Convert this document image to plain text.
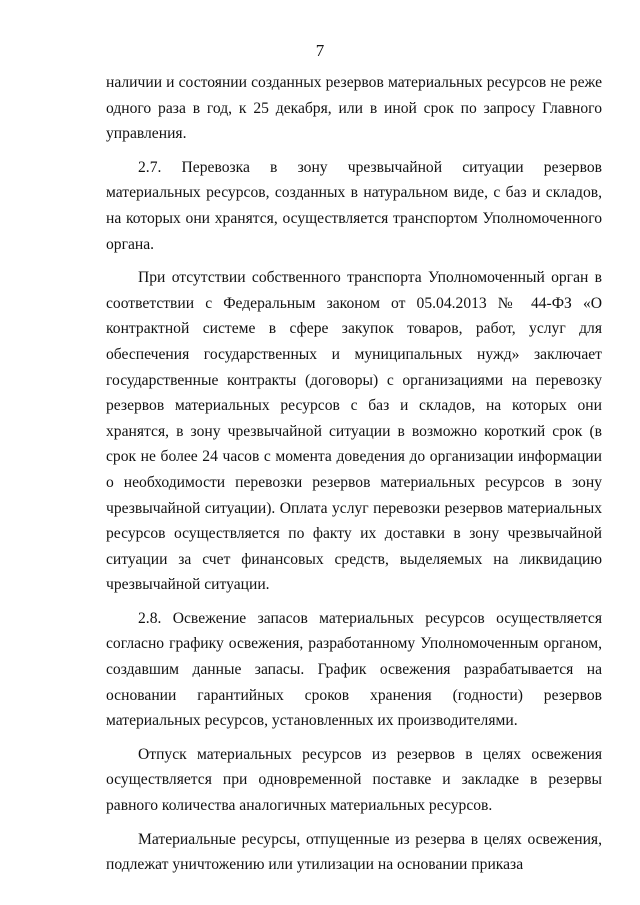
7

наличии и состоянии созданных резервов материальных ресурсов не реже одного раза в год, к 25 декабря, или в иной срок по запросу Главного управления.

2.7. Перевозка в зону чрезвычайной ситуации резервов материальных ресурсов, созданных в натуральном виде, с баз и складов, на которых они хранятся, осуществляется транспортом Уполномоченного органа.

При отсутствии собственного транспорта Уполномоченный орган в соответствии с Федеральным законом от 05.04.2013 № 44-ФЗ «О контрактной системе в сфере закупок товаров, работ, услуг для обеспечения государственных и муниципальных нужд» заключает государственные контракты (договоры) с организациями на перевозку резервов материальных ресурсов с баз и складов, на которых они хранятся, в зону чрезвычайной ситуации в возможно короткий срок (в срок не более 24 часов с момента доведения до организации информации о необходимости перевозки резервов материальных ресурсов в зону чрезвычайной ситуации). Оплата услуг перевозки резервов материальных ресурсов осуществляется по факту их доставки в зону чрезвычайной ситуации за счет финансовых средств, выделяемых на ликвидацию чрезвычайной ситуации.

2.8. Освежение запасов материальных ресурсов осуществляется согласно графику освежения, разработанному Уполномоченным органом, создавшим данные запасы. График освежения разрабатывается на основании гарантийных сроков хранения (годности) резервов материальных ресурсов, установленных их производителями.

Отпуск материальных ресурсов из резервов в целях освежения осуществляется при одновременной поставке и закладке в резервы равного количества аналогичных материальных ресурсов.

Материальные ресурсы, отпущенные из резерва в целях освежения, подлежат уничтожению или утилизации на основании приказа
